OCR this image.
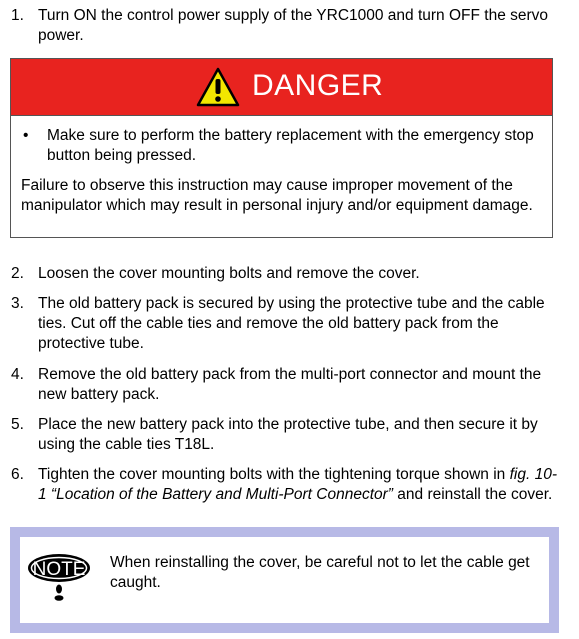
1. Turn ON the control power supply of the YRC1000 and turn OFF the servo power.
DANGER
• Make sure to perform the battery replacement with the emergency stop button being pressed.
Failure to observe this instruction may cause improper movement of the manipulator which may result in personal injury and/or equipment damage.
2. Loosen the cover mounting bolts and remove the cover.
3. The old battery pack is secured by using the protective tube and the cable ties. Cut off the cable ties and remove the old battery pack from the protective tube.
4. Remove the old battery pack from the multi-port connector and mount the new battery pack.
5. Place the new battery pack into the protective tube, and then secure it by using the cable ties T18L.
6. Tighten the cover mounting bolts with the tightening torque shown in fig. 10-1 “Location of the Battery and Multi-Port Connector” and reinstall the cover.
NOTE When reinstalling the cover, be careful not to let the cable get caught.
